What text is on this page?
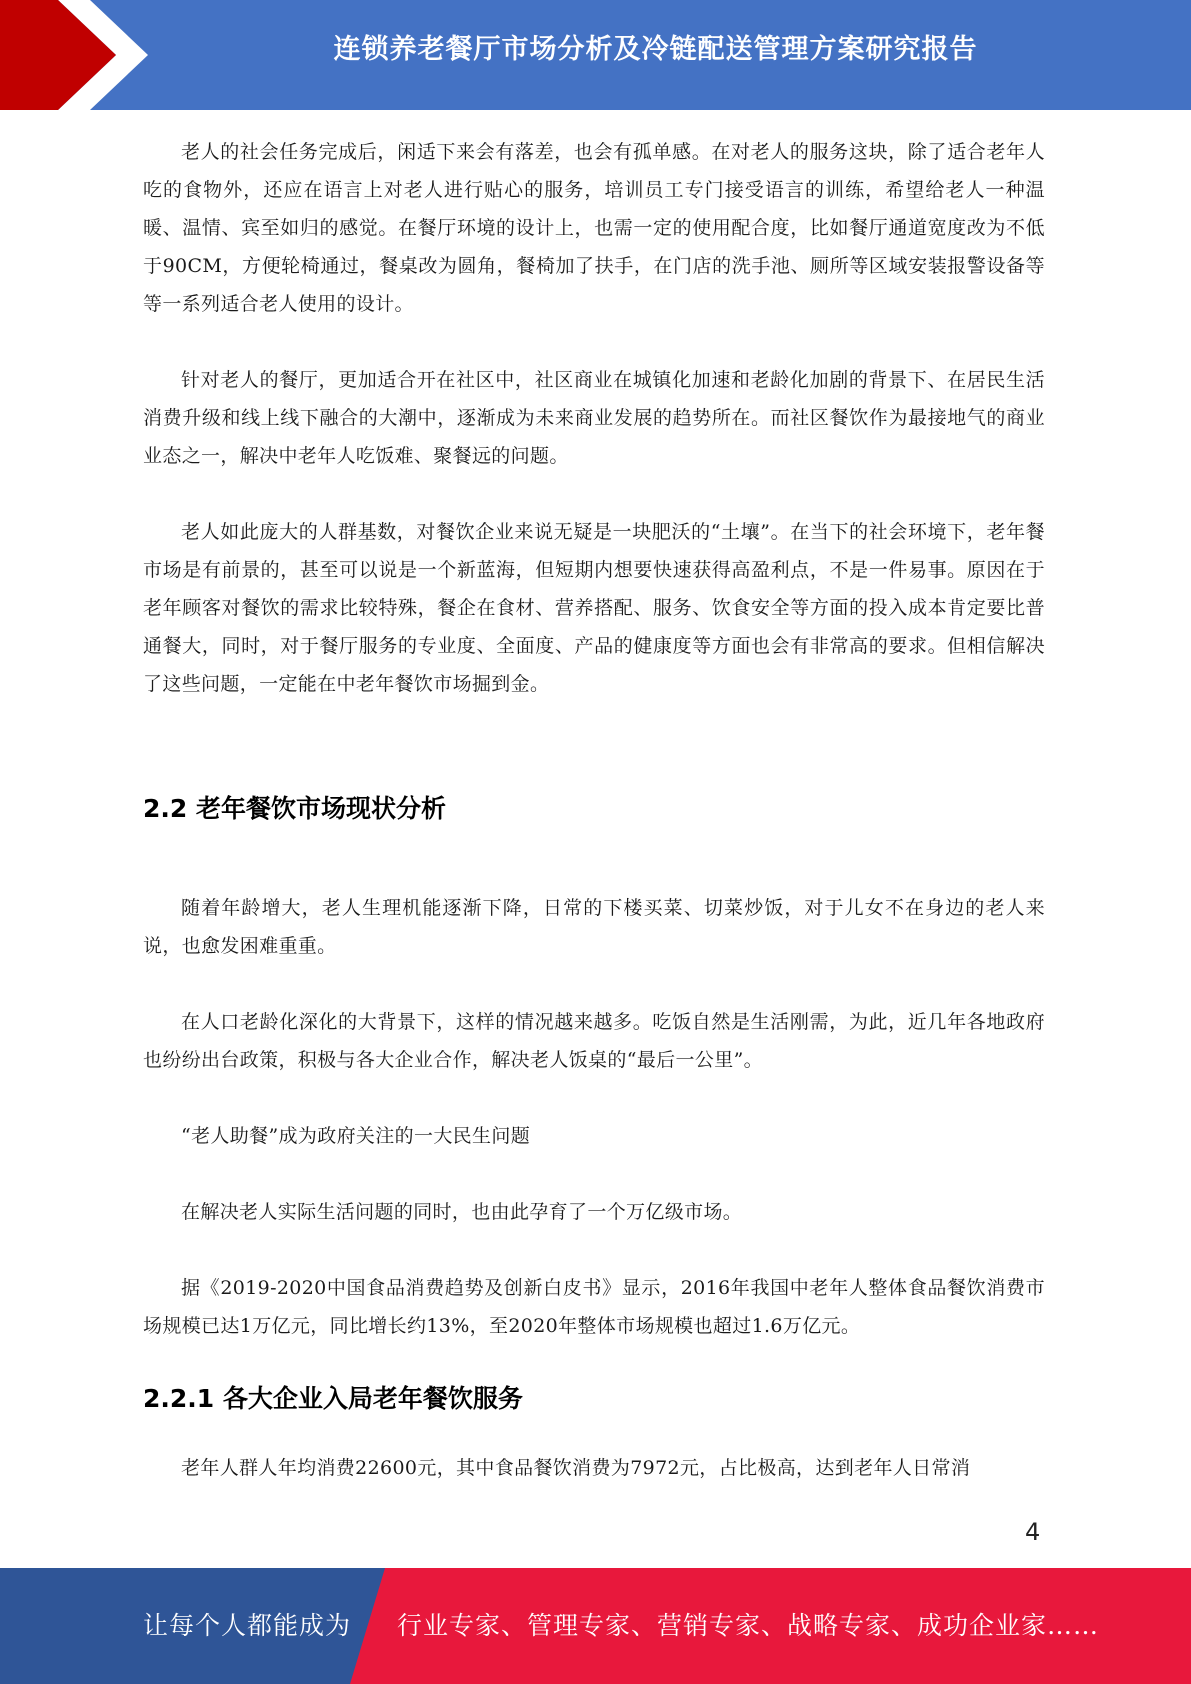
连锁养老餐厅市场分析及冷链配送管理方案研究报告

老人的社会任务完成后，闲适下来会有落差，也会有孤单感。在对老人的服务这块，除了适合老年人吃的食物外，还应在语言上对老人进行贴心的服务，培训员工专门接受语言的训练，希望给老人一种温暖、温情、宾至如归的感觉。在餐厅环境的设计上，也需一定的使用配合度，比如餐厅通道宽度改为不低于90CM，方便轮椅通过，餐桌改为圆角，餐椅加了扶手，在门店的洗手池、厕所等区域安装报警设备等等一系列适合老人使用的设计。

针对老人的餐厅，更加适合开在社区中，社区商业在城镇化加速和老龄化加剧的背景下、在居民生活消费升级和线上线下融合的大潮中，逐渐成为未来商业发展的趋势所在。而社区餐饮作为最接地气的商业业态之一，解决中老年人吃饭难、聚餐远的问题。

老人如此庞大的人群基数，对餐饮企业来说无疑是一块肥沃的“土壤”。在当下的社会环境下，老年餐市场是有前景的，甚至可以说是一个新蓝海，但短期内想要快速获得高盈利点，不是一件易事。原因在于老年顾客对餐饮的需求比较特殊，餐企在食材、营养搭配、服务、饮食安全等方面的投入成本肯定要比普通餐大，同时，对于餐厅服务的专业度、全面度、产品的健康度等方面也会有非常高的要求。但相信解决了这些问题，一定能在中老年餐饮市场掘到金。

2.2 老年餐饮市场现状分析

随着年龄增大，老人生理机能逐渐下降，日常的下楼买菜、切菜炒饭，对于儿女不在身边的老人来说，也愈发困难重重。

在人口老龄化深化的大背景下，这样的情况越来越多。吃饭自然是生活刚需，为此，近几年各地政府也纷纷出台政策，积极与各大企业合作，解决老人饭桌的“最后一公里”。

“老人助餐”成为政府关注的一大民生问题

在解决老人实际生活问题的同时，也由此孕育了一个万亿级市场。

据《2019-2020中国食品消费趋势及创新白皮书》显示，2016年我国中老年人整体食品餐饮消费市场规模已达1万亿元，同比增长约13%，至2020年整体市场规模也超过1.6万亿元。

2.2.1 各大企业入局老年餐饮服务

老年人群人年均消费22600元，其中食品餐饮消费为7972元，占比极高，达到老年人日常消

4
让每个人都能成为 行业专家、管理专家、营销专家、战略专家、成功企业家……
